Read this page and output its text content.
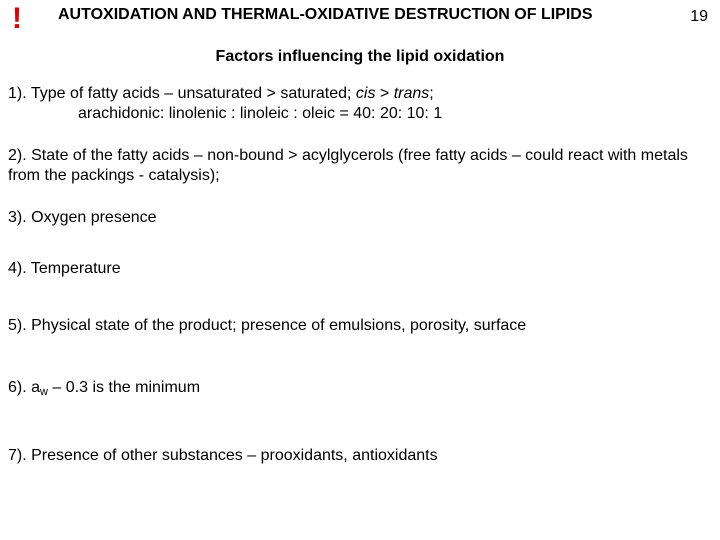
! AUTOXIDATION AND THERMAL-OXIDATIVE DESTRUCTION OF LIPIDS	19
Factors influencing the lipid oxidation
1). Type of fatty acids – unsaturated > saturated; cis > trans;
arachidonic: linolenic : linoleic : oleic = 40: 20: 10: 1
2). State of the fatty acids – non-bound > acylglycerols (free fatty acids – could react with metals from the packings - catalysis);
3). Oxygen presence
4). Temperature
5). Physical state of the product; presence of emulsions, porosity, surface
6). $a_w - 0.3$ is the minimum
7). Presence of other substances – prooxidants, antioxidants
